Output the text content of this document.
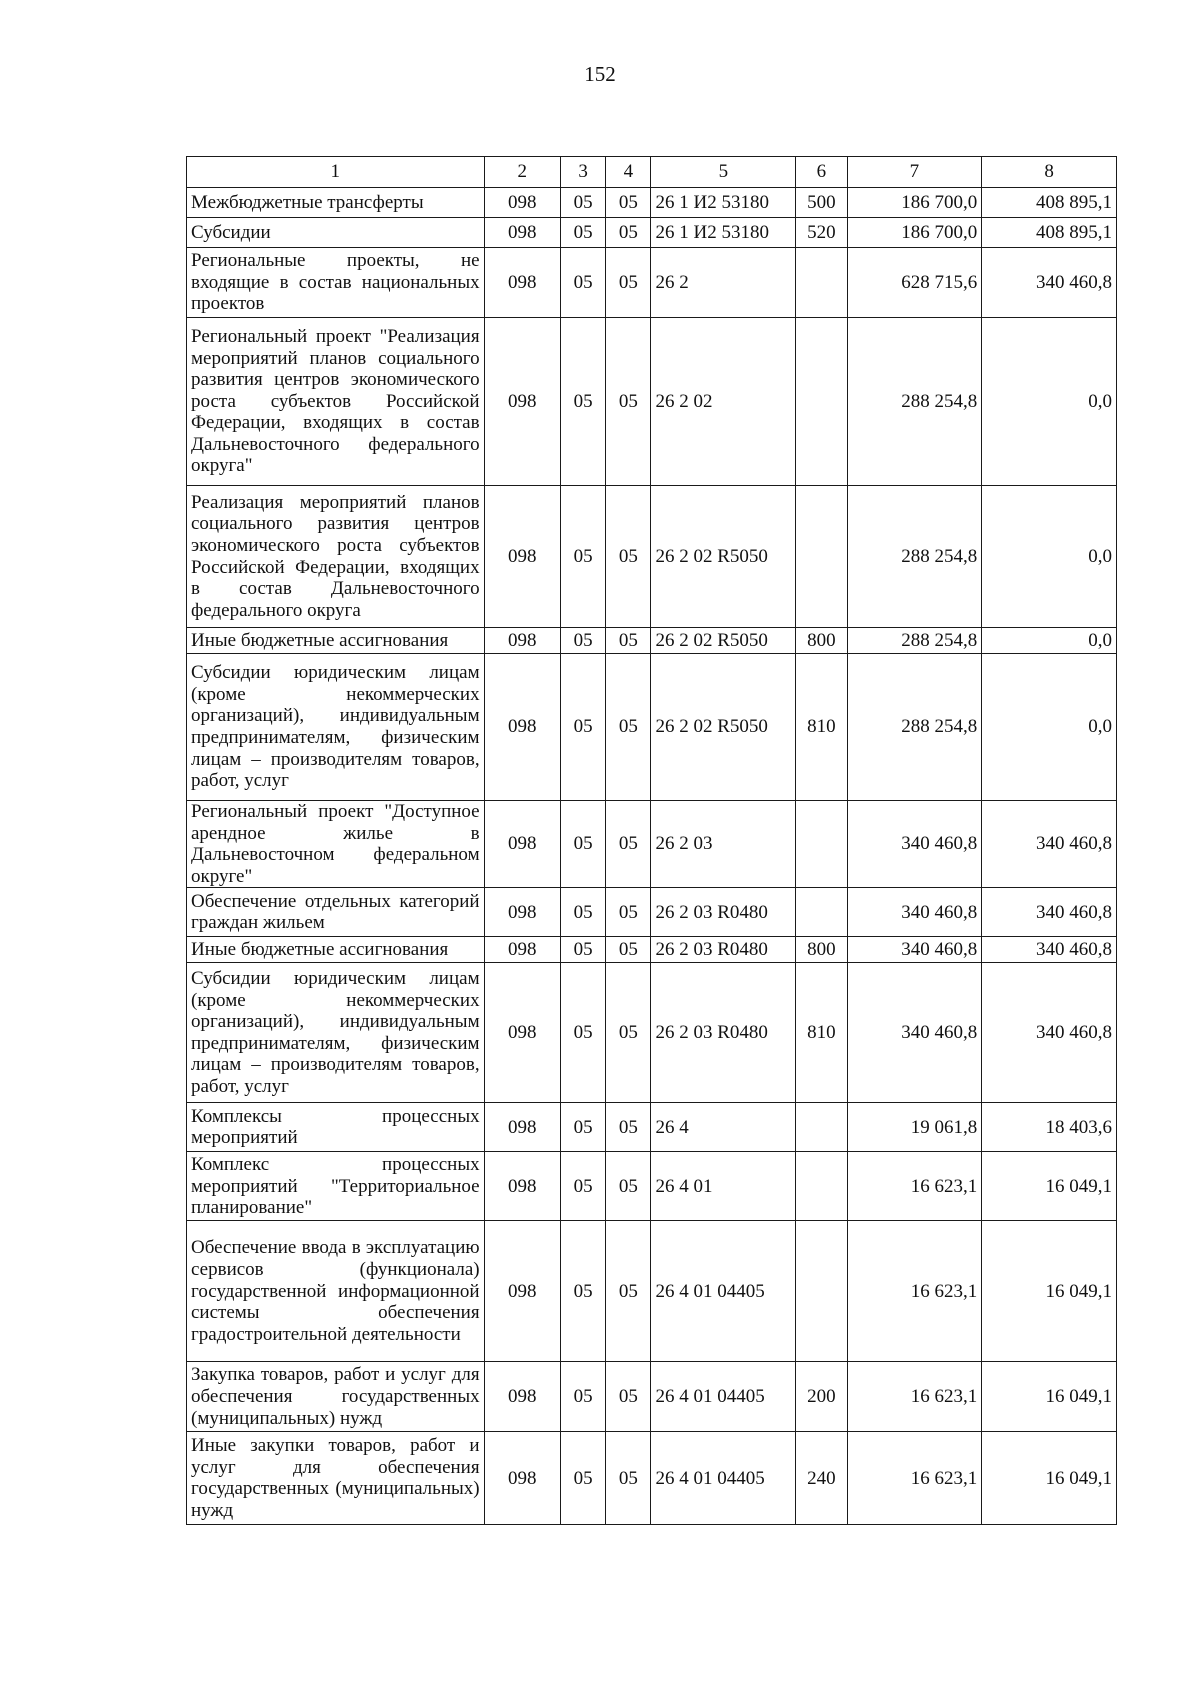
152
1	2	3	4	5	6	7	8
Межбюджетные трансферты	098	05	05	26 1 И2 53180	500	186 700,0	408 895,1
Субсидии	098	05	05	26 1 И2 53180	520	186 700,0	408 895,1
Региональные проекты, не входящие в состав национальных проектов	098	05	05	26 2		628 715,6	340 460,8
Региональный проект "Реализация мероприятий планов социального развития центров экономического роста субъектов Российской Федерации, входящих в состав Дальневосточного федерального округа"	098	05	05	26 2 02		288 254,8	0,0
Реализация мероприятий планов социального развития центров экономического роста субъектов Российской Федерации, входящих в состав Дальневосточного федерального округа	098	05	05	26 2 02 R5050		288 254,8	0,0
Иные бюджетные ассигнования	098	05	05	26 2 02 R5050	800	288 254,8	0,0
Субсидии юридическим лицам (кроме некоммерческих организаций), индивидуальным предпринимателям, физическим лицам – производителям товаров, работ, услуг	098	05	05	26 2 02 R5050	810	288 254,8	0,0
Региональный проект "Доступное арендное жилье в Дальневосточном федеральном округе"	098	05	05	26 2 03		340 460,8	340 460,8
Обеспечение отдельных категорий граждан жильем	098	05	05	26 2 03 R0480		340 460,8	340 460,8
Иные бюджетные ассигнования	098	05	05	26 2 03 R0480	800	340 460,8	340 460,8
Субсидии юридическим лицам (кроме некоммерческих организаций), индивидуальным предпринимателям, физическим лицам – производителям товаров, работ, услуг	098	05	05	26 2 03 R0480	810	340 460,8	340 460,8
Комплексы процессных мероприятий	098	05	05	26 4		19 061,8	18 403,6
Комплекс процессных мероприятий "Территориальное планирование"	098	05	05	26 4 01		16 623,1	16 049,1
Обеспечение ввода в эксплуатацию сервисов (функционала) государственной информационной системы обеспечения градостроительной деятельности	098	05	05	26 4 01 04405		16 623,1	16 049,1
Закупка товаров, работ и услуг для обеспечения государственных (муниципальных) нужд	098	05	05	26 4 01 04405	200	16 623,1	16 049,1
Иные закупки товаров, работ и услуг для обеспечения государственных (муниципальных) нужд	098	05	05	26 4 01 04405	240	16 623,1	16 049,1
